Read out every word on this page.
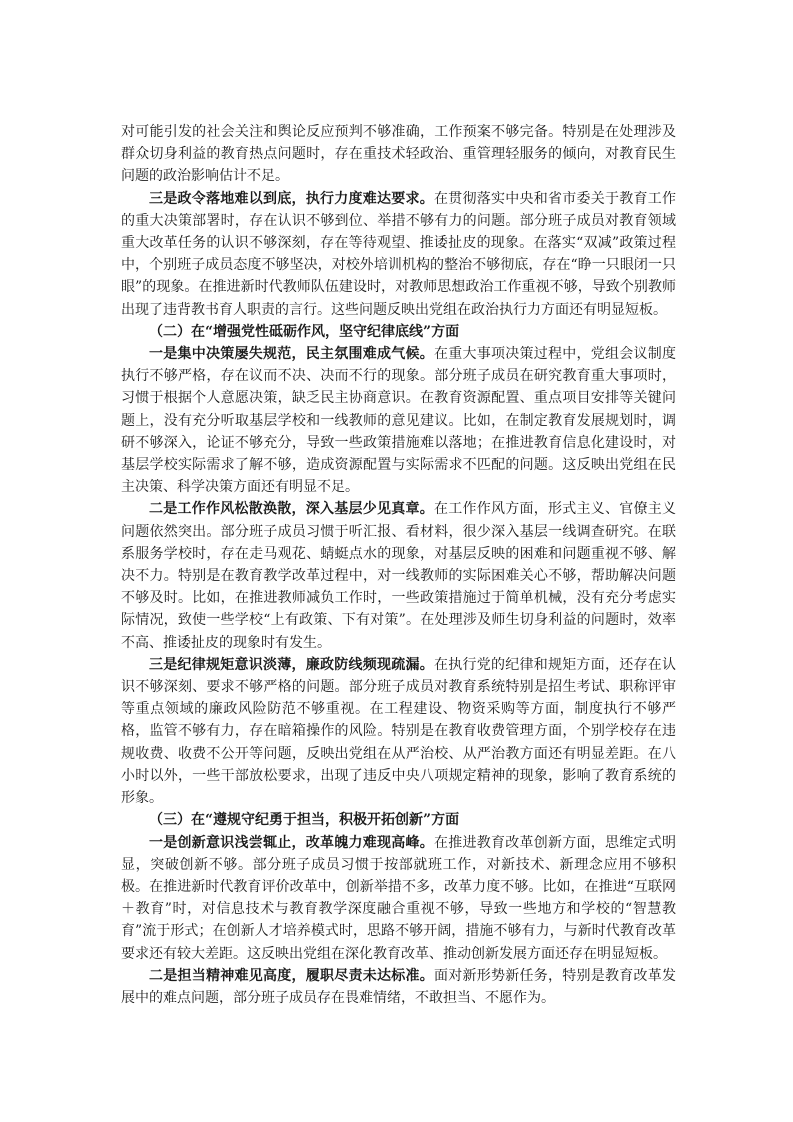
对可能引发的社会关注和舆论反应预判不够准确，工作预案不够完备。特别是在处理涉及群众切身利益的教育热点问题时，存在重技术轻政治、重管理轻服务的倾向，对教育民生问题的政治影响估计不足。

三是政令落地难以到底，执行力度难达要求。在贯彻落实中央和省市委关于教育工作的重大决策部署时，存在认识不够到位、举措不够有力的问题。部分班子成员对教育领域重大改革任务的认识不够深刻，存在等待观望、推诿扯皮的现象。在落实“双减”政策过程中，个别班子成员态度不够坚决，对校外培训机构的整治不够彻底，存在“睁一只眼闭一只眼”的现象。在推进新时代教师队伍建设时，对教师思想政治工作重视不够，导致个别教师出现了违背教书育人职责的言行。这些问题反映出党组在政治执行力方面还有明显短板。

（二）在“增强党性砥砺作风，坚守纪律底线”方面

一是集中决策屡失规范，民主氛围难成气候。在重大事项决策过程中，党组会议制度执行不够严格，存在议而不决、决而不行的现象。部分班子成员在研究教育重大事项时，习惯于根据个人意愿决策，缺乏民主协商意识。在教育资源配置、重点项目安排等关键问题上，没有充分听取基层学校和一线教师的意见建议。比如，在制定教育发展规划时，调研不够深入，论证不够充分，导致一些政策措施难以落地；在推进教育信息化建设时，对基层学校实际需求了解不够，造成资源配置与实际需求不匹配的问题。这反映出党组在民主决策、科学决策方面还有明显不足。

二是工作作风松散涣散，深入基层少见真章。在工作作风方面，形式主义、官僚主义问题依然突出。部分班子成员习惯于听汇报、看材料，很少深入基层一线调查研究。在联系服务学校时，存在走马观花、蜻蜓点水的现象，对基层反映的困难和问题重视不够、解决不力。特别是在教育教学改革过程中，对一线教师的实际困难关心不够，帮助解决问题不够及时。比如，在推进教师减负工作时，一些政策措施过于简单机械，没有充分考虑实际情况，致使一些学校“上有政策、下有对策”。在处理涉及师生切身利益的问题时，效率不高、推诿扯皮的现象时有发生。

三是纪律规矩意识淡薄，廉政防线频现疏漏。在执行党的纪律和规矩方面，还存在认识不够深刻、要求不够严格的问题。部分班子成员对教育系统特别是招生考试、职称评审等重点领域的廉政风险防范不够重视。在工程建设、物资采购等方面，制度执行不够严格，监管不够有力，存在暗箱操作的风险。特别是在教育收费管理方面，个别学校存在违规收费、收费不公开等问题，反映出党组在从严治校、从严治教方面还有明显差距。在八小时以外，一些干部放松要求，出现了违反中央八项规定精神的现象，影响了教育系统的形象。

（三）在“遵规守纪勇于担当，积极开拓创新”方面

一是创新意识浅尝辄止，改革魄力难现高峰。在推进教育改革创新方面，思维定式明显，突破创新不够。部分班子成员习惯于按部就班工作，对新技术、新理念应用不够积极。在推进新时代教育评价改革中，创新举措不多，改革力度不够。比如，在推进“互联网＋教育”时，对信息技术与教育教学深度融合重视不够，导致一些地方和学校的“智慧教育”流于形式；在创新人才培养模式时，思路不够开阔，措施不够有力，与新时代教育改革要求还有较大差距。这反映出党组在深化教育改革、推动创新发展方面还存在明显短板。

二是担当精神难见高度，履职尽责未达标准。面对新形势新任务，特别是教育改革发展中的难点问题，部分班子成员存在畏难情绪，不敢担当、不愿作为。
